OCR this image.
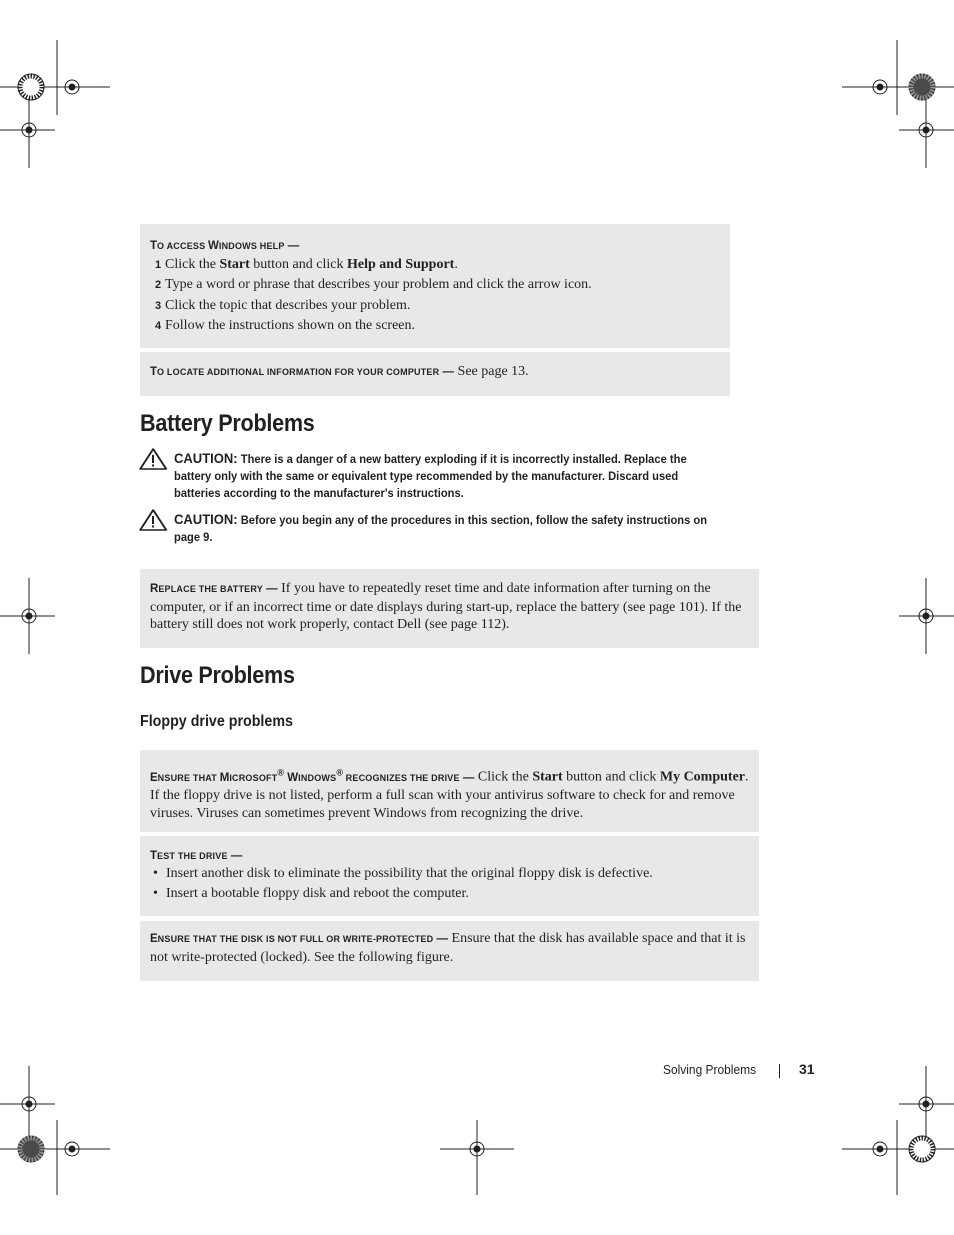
TO ACCESS WINDOWS HELP —
1 Click the Start button and click Help and Support.
2 Type a word or phrase that describes your problem and click the arrow icon.
3 Click the topic that describes your problem.
4 Follow the instructions shown on the screen.
TO LOCATE ADDITIONAL INFORMATION FOR YOUR COMPUTER — See page 13.
Battery Problems
CAUTION: There is a danger of a new battery exploding if it is incorrectly installed. Replace the battery only with the same or equivalent type recommended by the manufacturer. Discard used batteries according to the manufacturer's instructions.
CAUTION: Before you begin any of the procedures in this section, follow the safety instructions on page 9.
REPLACE THE BATTERY — If you have to repeatedly reset time and date information after turning on the computer, or if an incorrect time or date displays during start-up, replace the battery (see page 101). If the battery still does not work properly, contact Dell (see page 112).
Drive Problems
Floppy drive problems
ENSURE THAT MICROSOFT® WINDOWS® RECOGNIZES THE DRIVE — Click the Start button and click My Computer. If the floppy drive is not listed, perform a full scan with your antivirus software to check for and remove viruses. Viruses can sometimes prevent Windows from recognizing the drive.
TEST THE DRIVE —
• Insert another disk to eliminate the possibility that the original floppy disk is defective.
• Insert a bootable floppy disk and reboot the computer.
ENSURE THAT THE DISK IS NOT FULL OR WRITE-PROTECTED — Ensure that the disk has available space and that it is not write-protected (locked). See the following figure.
Solving Problems	31
